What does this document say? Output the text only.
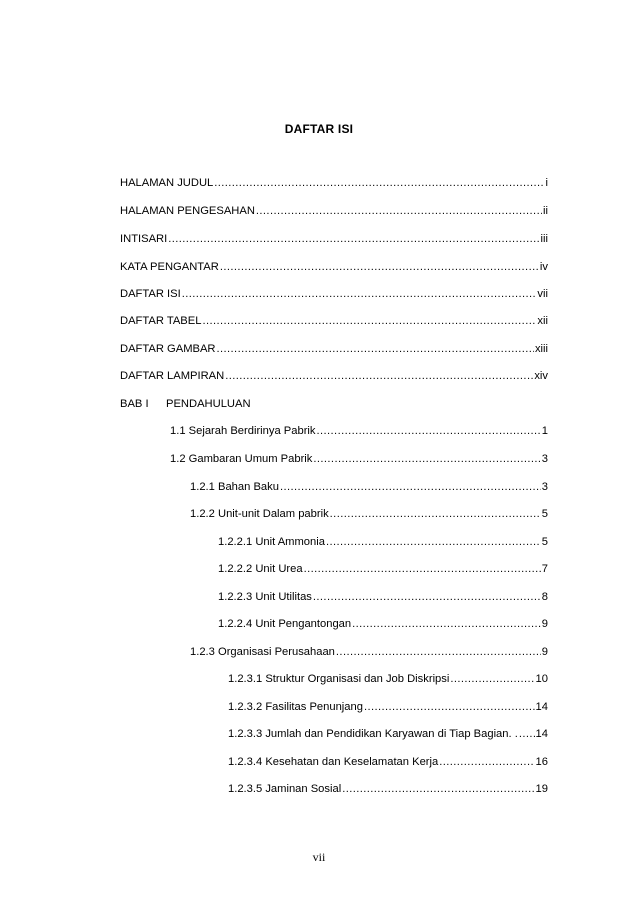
DAFTAR ISI
HALAMAN JUDUL .....	i
HALAMAN PENGESAHAN .....	ii
INTISARI .....	iii
KATA PENGANTAR .....	iv
DAFTAR ISI .....	vii
DAFTAR TABEL .....	xii
DAFTAR GAMBAR .....	xiii
DAFTAR LAMPIRAN .....	xiv
BAB I PENDAHULUAN
1.1 Sejarah Berdirinya Pabrik .....	1
1.2 Gambaran Umum Pabrik .....	3
1.2.1 Bahan Baku .....	3
1.2.2 Unit-unit Dalam pabrik .....	5
1.2.2.1 Unit Ammonia .....	5
1.2.2.2 Unit Urea .....	7
1.2.2.3 Unit Utilitas .....	8
1.2.2.4 Unit Pengantongan .....	9
1.2.3 Organisasi Perusahaan .....	9
1.2.3.1 Struktur Organisasi dan Job Diskripsi .....	10
1.2.3.2 Fasilitas Penunjang .....	14
1.2.3.3 Jumlah dan Pendidikan Karyawan di Tiap Bagian. . ..... 14
1.2.3.4 Kesehatan dan Keselamatan Kerja .....	16
1.2.3.5 Jaminan Sosial .....	19
vii
